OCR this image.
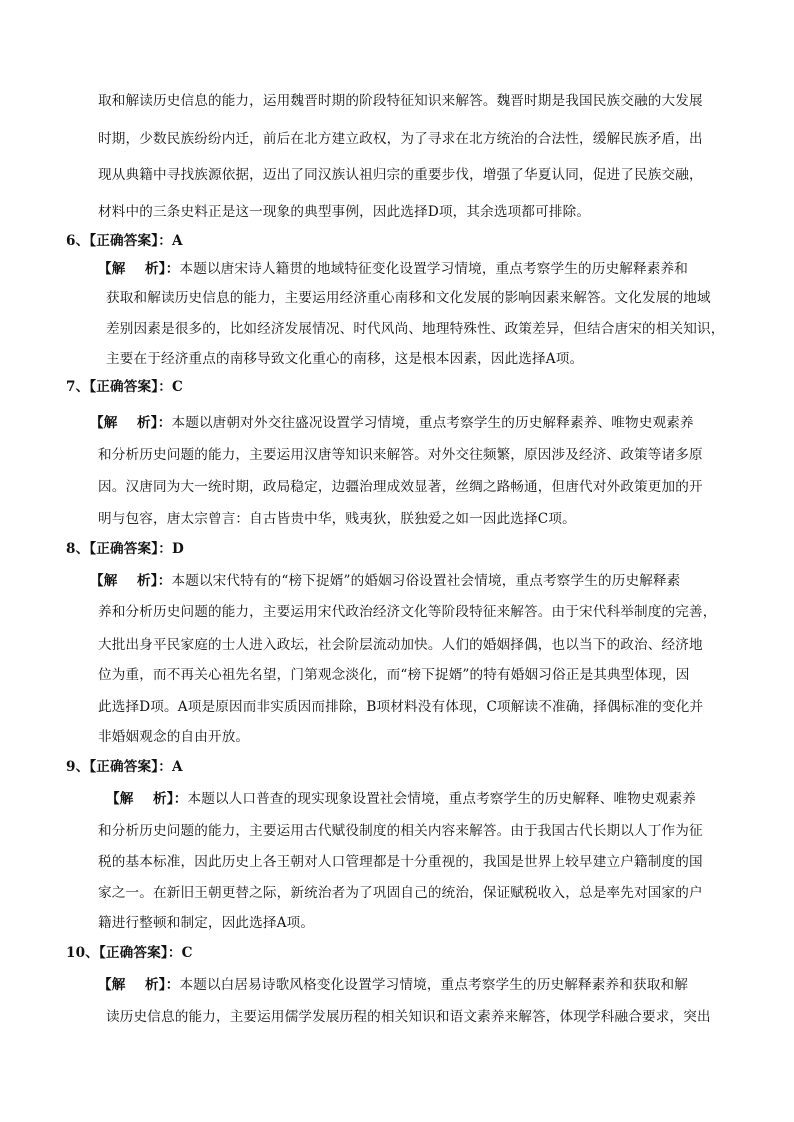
取和解读历史信息的能力，运用魏晋时期的阶段特征知识来解答。魏晋时期是我国民族交融的大发展
时期，少数民族纷纷内迁，前后在北方建立政权，为了寻求在北方统治的合法性，缓解民族矛盾，出
现从典籍中寻找族源依据，迈出了同汉族认祖归宗的重要步伐，增强了华夏认同，促进了民族交融，
材料中的三条史料正是这一现象的典型事例，因此选择D项，其余选项都可排除。
6、【正确答案】：A
【解    析】：本题以唐宋诗人籍贯的地域特征变化设置学习情境，重点考察学生的历史解释素养和
获取和解读历史信息的能力，主要运用经济重心南移和文化发展的影响因素来解答。文化发展的地域
差别因素是很多的，比如经济发展情况、时代风尚、地理特殊性、政策差异，但结合唐宋的相关知识，
主要在于经济重点的南移导致文化重心的南移，这是根本因素，因此选择A项。
7、【正确答案】：C
【解    析】：本题以唐朝对外交往盛况设置学习情境，重点考察学生的历史解释素养、唯物史观素养
和分析历史问题的能力，主要运用汉唐等知识来解答。对外交往频繁，原因涉及经济、政策等诸多原
因。汉唐同为大一统时期，政局稳定，边疆治理成效显著，丝绸之路畅通，但唐代对外政策更加的开
明与包容，唐太宗曾言：自古皆贵中华，贱夷狄，朕独爱之如一因此选择C项。
8、【正确答案】：D
【解    析】：本题以宋代特有的“榜下捉婿”的婚姻习俗设置社会情境，重点考察学生的历史解释素
养和分析历史问题的能力，主要运用宋代政治经济文化等阶段特征来解答。由于宋代科举制度的完善，
大批出身平民家庭的士人进入政坛，社会阶层流动加快。人们的婚姻择偶，也以当下的政治、经济地
位为重，而不再关心祖先名望，门第观念淡化，而“榜下捉婿”的特有婚姻习俗正是其典型体现，因
此选择D项。A项是原因而非实质因而排除，B项材料没有体现，C项解读不准确，择偶标准的变化并
非婚姻观念的自由开放。
9、【正确答案】：A
【解    析】：本题以人口普查的现实现象设置社会情境，重点考察学生的历史解释、唯物史观素养
和分析历史问题的能力，主要运用古代赋役制度的相关内容来解答。由于我国古代长期以人丁作为征
税的基本标准，因此历史上各王朝对人口管理都是十分重视的，我国是世界上较早建立户籍制度的国
家之一。在新旧王朝更替之际，新统治者为了巩固自己的统治，保证赋税收入，总是率先对国家的户
籍进行整顿和制定，因此选择A项。
10、【正确答案】：C
【解    析】：本题以白居易诗歌风格变化设置学习情境，重点考察学生的历史解释素养和获取和解
读历史信息的能力，主要运用儒学发展历程的相关知识和语文素养来解答，体现学科融合要求，突出
